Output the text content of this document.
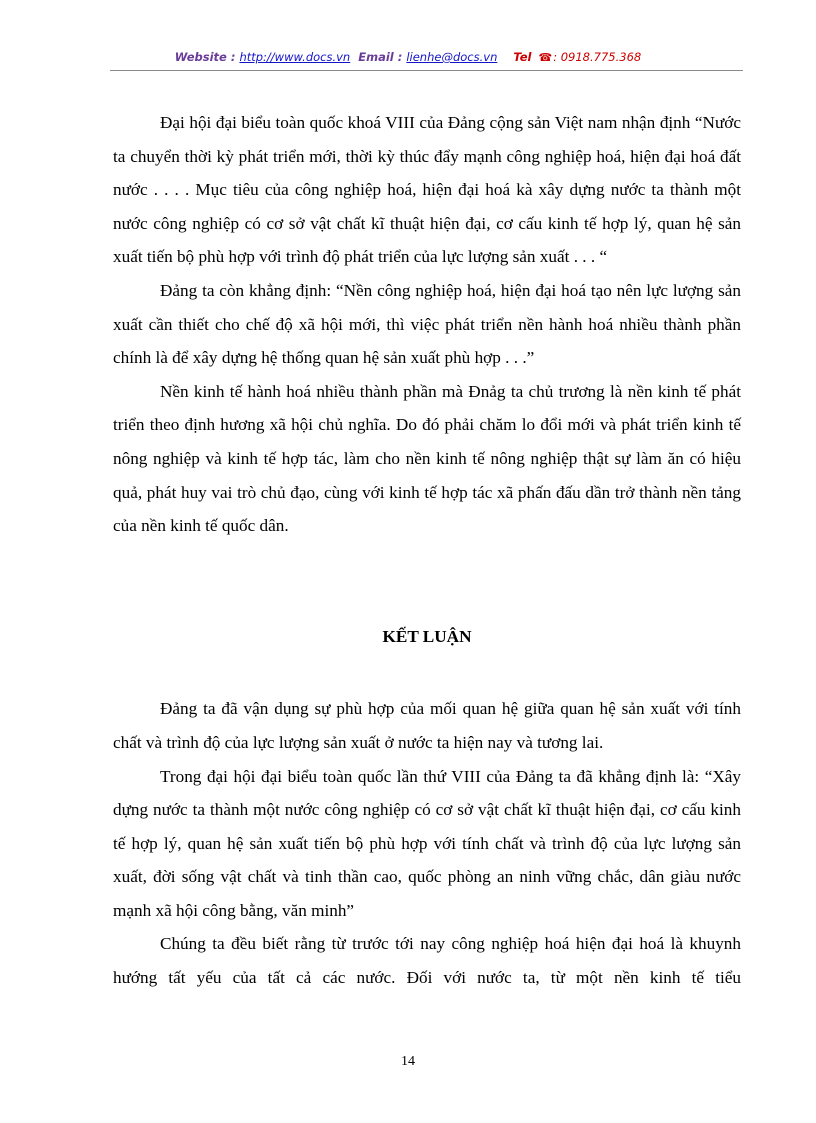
Website : http://www.docs.vn Email : lienhe@docs.vn Tel ☎: 0918.775.368

Đại hội đại biểu toàn quốc khoá VIII của Đảng cộng sản Việt nam nhận định “Nước ta chuyển thời kỳ phát triển mới, thời kỳ thúc đẩy mạnh công nghiệp hoá, hiện đại hoá đất nước . . . . Mục tiêu của công nghiệp hoá, hiện đại hoá kà xây dựng nước ta thành một nước công nghiệp có cơ sở vật chất kĩ thuật hiện đại, cơ cấu kinh tế hợp lý, quan hệ sản xuất tiến bộ phù hợp với trình độ phát triển của lực lượng sản xuất . . . “

Đảng ta còn khẳng định: “Nền công nghiệp hoá, hiện đại hoá tạo nên lực lượng sản xuất cần thiết cho chế độ xã hội mới, thì việc phát triển nền hành hoá nhiều thành phần chính là để xây dựng hệ thống quan hệ sản xuất phù hợp . . .”

Nền kinh tế hành hoá nhiều thành phần mà Đnảg ta chủ trương là nền kinh tế phát triển theo định hương xã hội chủ nghĩa. Do đó phải chăm lo đổi mới và phát triển kinh tế nông nghiệp và kinh tế hợp tác, làm cho nền kinh tế nông nghiệp thật sự làm ăn có hiệu quả, phát huy vai trò chủ đạo, cùng với kinh tế hợp tác xã phấn đấu dần trở thành nền tảng của nền kinh tế quốc dân.

KẾT LUẬN

Đảng ta đã vận dụng sự phù hợp của mối quan hệ giữa quan hệ sản xuất với tính chất và trình độ của lực lượng sản xuất ở nước ta hiện nay và tương lai.

Trong đại hội đại biểu toàn quốc lần thứ VIII của Đảng ta đã khẳng định là: “Xây dựng nước ta thành một nước công nghiệp có cơ sở vật chất kĩ thuật hiện đại, cơ cấu kinh tế hợp lý, quan hệ sản xuất tiến bộ phù hợp với tính chất và trình độ của lực lượng sản xuất, đời sống vật chất và tinh thần cao, quốc phòng an ninh vững chắc, dân giàu nước mạnh xã hội công bằng, văn minh”

Chúng ta đều biết rằng từ trước tới nay công nghiệp hoá hiện đại hoá là khuynh hướng tất yếu của tất cả các nước. Đối với nước ta, từ một nền kinh tế tiểu

14
